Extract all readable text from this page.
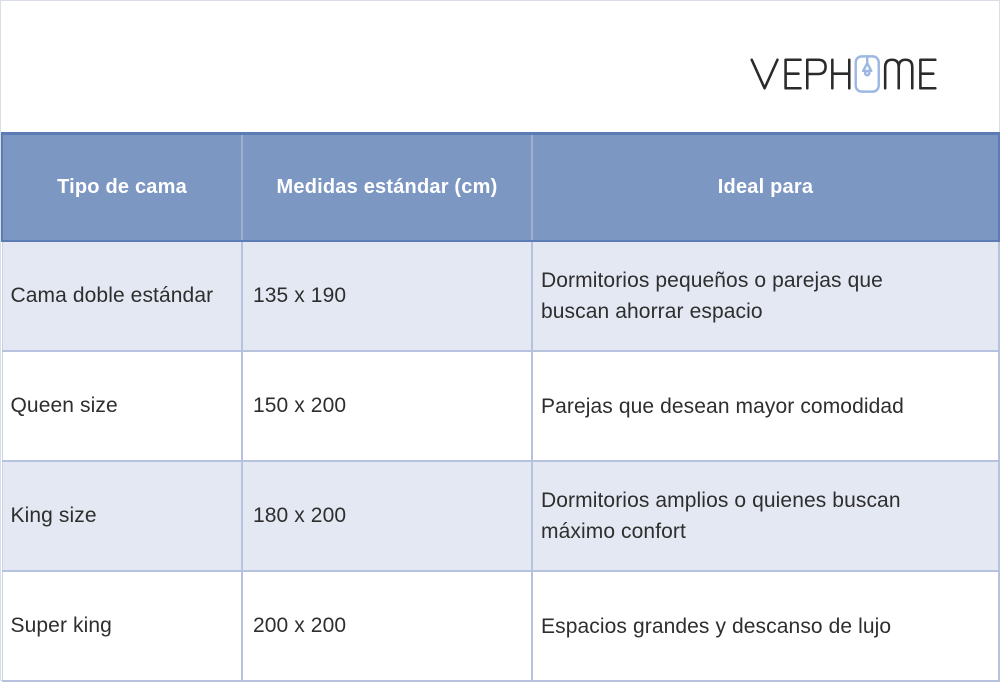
Tipo de cama	Medidas estándar (cm)	Ideal para
Cama doble estándar	135 x 190	Dormitorios pequeños o parejas que buscan ahorrar espacio
Queen size	150 x 200	Parejas que desean mayor comodidad
King size	180 x 200	Dormitorios amplios o quienes buscan máximo confort
Super king	200 x 200	Espacios grandes y descanso de lujo
